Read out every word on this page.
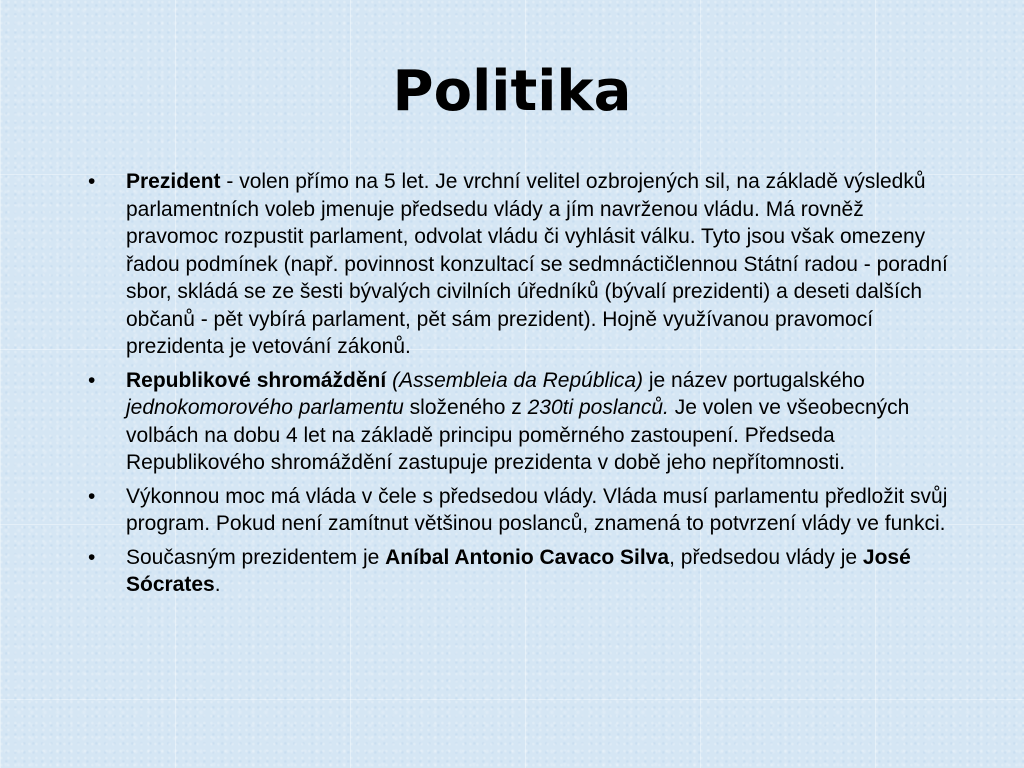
Politika
• Prezident - volen přímo na 5 let. Je vrchní velitel ozbrojených sil, na základě výsledků parlamentních voleb jmenuje předsedu vlády a jím navrženou vládu. Má rovněž pravomoc rozpustit parlament, odvolat vládu či vyhlásit válku. Tyto jsou však omezeny řadou podmínek (např. povinnost konzultací se sedmnáctičlennou Státní radou - poradní sbor, skládá se ze šesti bývalých civilních úředníků (bývalí prezidenti) a deseti dalších občanů - pět vybírá parlament, pět sám prezident). Hojně využívanou pravomocí prezidenta je vetování zákonů.
• Republikové shromáždění (Assembleia da República) je název portugalského jednokomorového parlamentu složeného z 230ti poslanců. Je volen ve všeobecných volbách na dobu 4 let na základě principu poměrného zastoupení. Předseda Republikového shromáždění zastupuje prezidenta v době jeho nepřítomnosti.
• Výkonnou moc má vláda v čele s předsedou vlády. Vláda musí parlamentu předložit svůj program. Pokud není zamítnut většinou poslanců, znamená to potvrzení vlády ve funkci.
• Současným prezidentem je Aníbal Antonio Cavaco Silva, předsedou vlády je José Sócrates.
